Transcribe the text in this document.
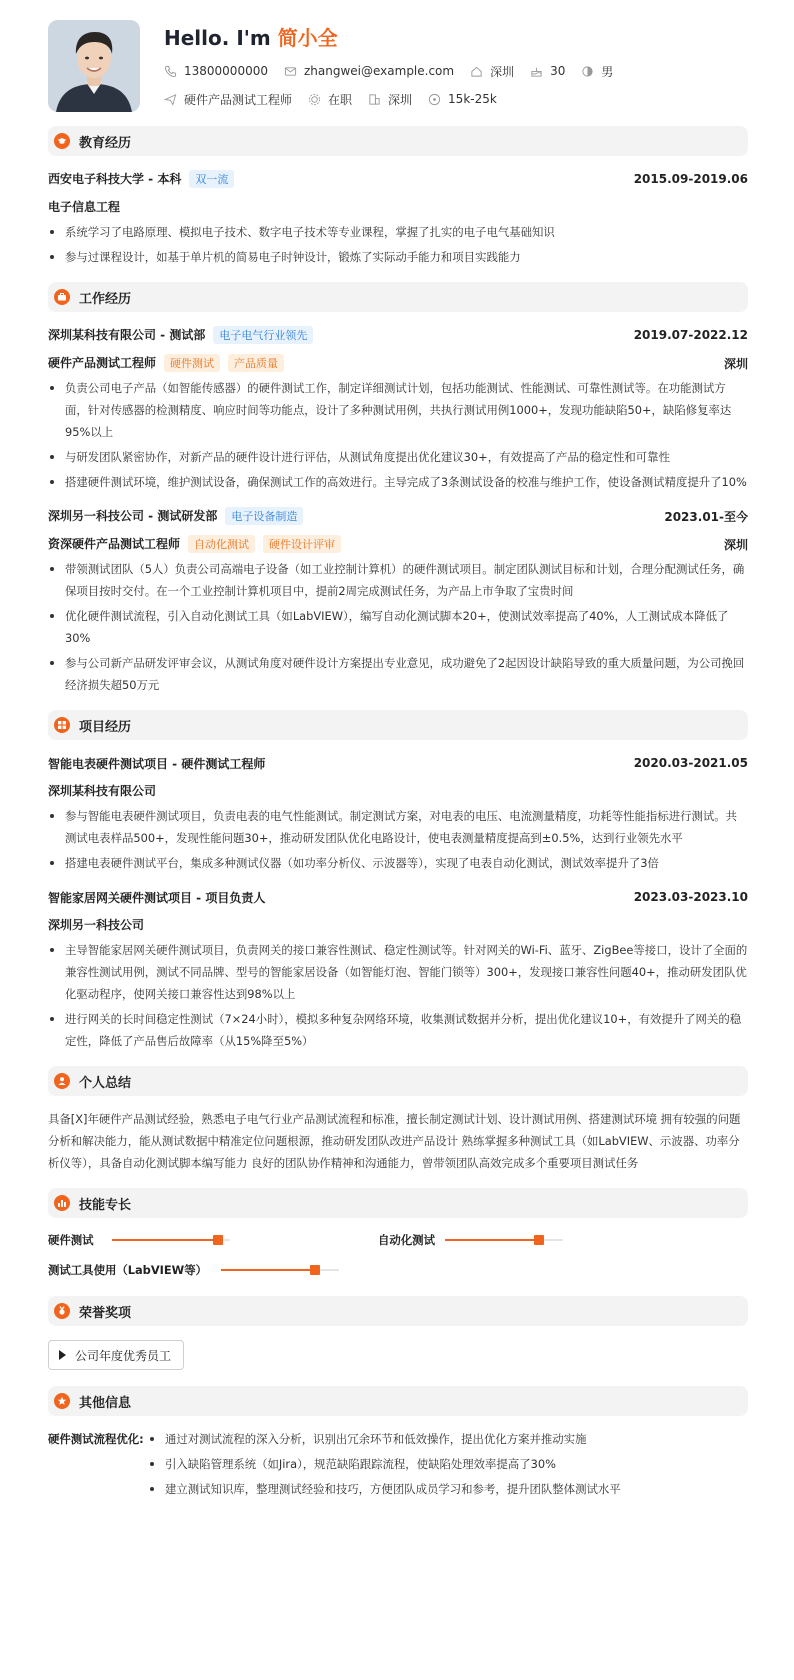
Hello. I'm 简小全
13800000000	zhangwei@example.com	深圳	30	男
硬件产品测试工程师	在职	深圳	15k-25k
教育经历
西安电子科技大学 - 本科 双一流	2015.09-2019.06
电子信息工程
系统学习了电路原理、模拟电子技术、数字电子技术等专业课程，掌握了扎实的电子电气基础知识
参与过课程设计，如基于单片机的简易电子时钟设计，锻炼了实际动手能力和项目实践能力
工作经历
深圳某科技有限公司 - 测试部 电子电气行业领先	2019.07-2022.12
硬件产品测试工程师 硬件测试 产品质量	深圳
负责公司电子产品（如智能传感器）的硬件测试工作，制定详细测试计划，包括功能测试、性能测试、可靠性测试等。在功能测试方面，针对传感器的检测精度、响应时间等功能点，设计了多种测试用例，共执行测试用例1000+，发现功能缺陷50+，缺陷修复率达95%以上
与研发团队紧密协作，对新产品的硬件设计进行评估，从测试角度提出优化建议30+，有效提高了产品的稳定性和可靠性
搭建硬件测试环境，维护测试设备，确保测试工作的高效进行。主导完成了3条测试设备的校准与维护工作，使设备测试精度提升了10%
深圳另一科技公司 - 测试研发部 电子设备制造	2023.01-至今
资深硬件产品测试工程师 自动化测试 硬件设计评审	深圳
带领测试团队（5人）负责公司高端电子设备（如工业控制计算机）的硬件测试项目。制定团队测试目标和计划，合理分配测试任务，确保项目按时交付。在一个工业控制计算机项目中，提前2周完成测试任务，为产品上市争取了宝贵时间
优化硬件测试流程，引入自动化测试工具（如LabVIEW），编写自动化测试脚本20+，使测试效率提高了40%，人工测试成本降低了30%
参与公司新产品研发评审会议，从测试角度对硬件设计方案提出专业意见，成功避免了2起因设计缺陷导致的重大质量问题，为公司挽回经济损失超50万元
项目经历
智能电表硬件测试项目 - 硬件测试工程师	2020.03-2021.05
深圳某科技有限公司
参与智能电表硬件测试项目，负责电表的电气性能测试。制定测试方案，对电表的电压、电流测量精度，功耗等性能指标进行测试。共测试电表样品500+，发现性能问题30+，推动研发团队优化电路设计，使电表测量精度提高到±0.5%，达到行业领先水平
搭建电表硬件测试平台，集成多种测试仪器（如功率分析仪、示波器等），实现了电表自动化测试，测试效率提升了3倍
智能家居网关硬件测试项目 - 项目负责人	2023.03-2023.10
深圳另一科技公司
主导智能家居网关硬件测试项目，负责网关的接口兼容性测试、稳定性测试等。针对网关的Wi-Fi、蓝牙、ZigBee等接口，设计了全面的兼容性测试用例，测试不同品牌、型号的智能家居设备（如智能灯泡、智能门锁等）300+，发现接口兼容性问题40+，推动研发团队优化驱动程序，使网关接口兼容性达到98%以上
进行网关的长时间稳定性测试（7×24小时），模拟多种复杂网络环境，收集测试数据并分析，提出优化建议10+，有效提升了网关的稳定性，降低了产品售后故障率（从15%降至5%）
个人总结
具备[X]年硬件产品测试经验，熟悉电子电气行业产品测试流程和标准，擅长制定测试计划、设计测试用例、搭建测试环境 拥有较强的问题分析和解决能力，能从测试数据中精准定位问题根源，推动研发团队改进产品设计 熟练掌握多种测试工具（如LabVIEW、示波器、功率分析仪等），具备自动化测试脚本编写能力 良好的团队协作精神和沟通能力，曾带领团队高效完成多个重要项目测试任务
技能专长
硬件测试	自动化测试
测试工具使用（LabVIEW等）
荣誉奖项
公司年度优秀员工
其他信息
硬件测试流程优化:	通过对测试流程的深入分析，识别出冗余环节和低效操作，提出优化方案并推动实施
引入缺陷管理系统（如Jira），规范缺陷跟踪流程，使缺陷处理效率提高了30%
建立测试知识库，整理测试经验和技巧，方便团队成员学习和参考，提升团队整体测试水平
